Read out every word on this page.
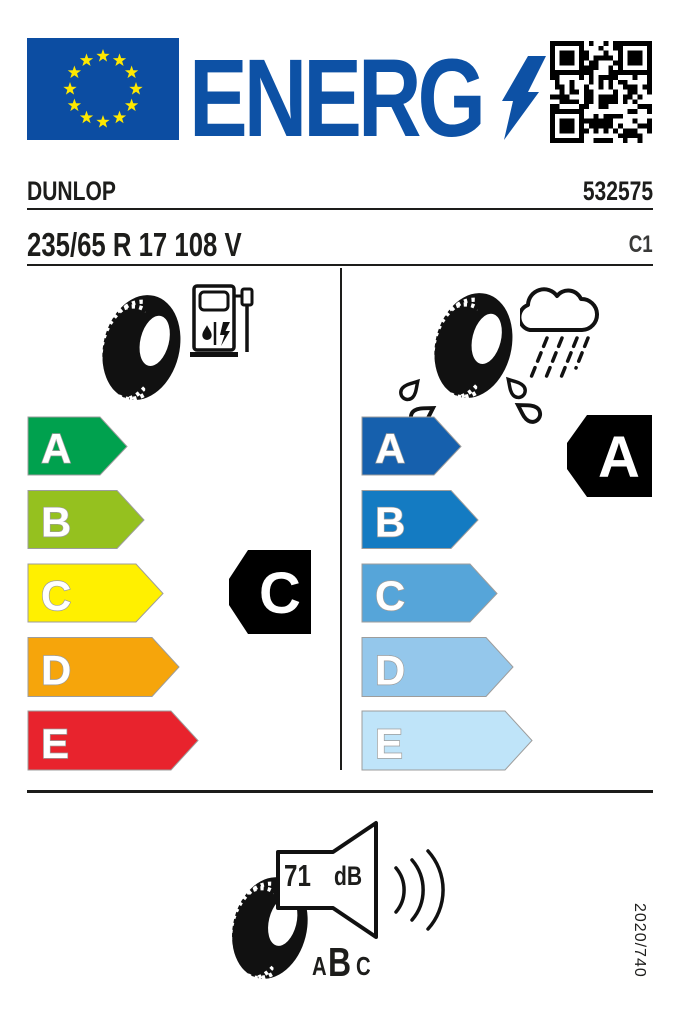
ENERG
DUNLOP	532575
235/65 R 17 108 V	C1
A
B
C
D
E
C
A
B
C
D
E
A
71 dB
A B C	2020/740
